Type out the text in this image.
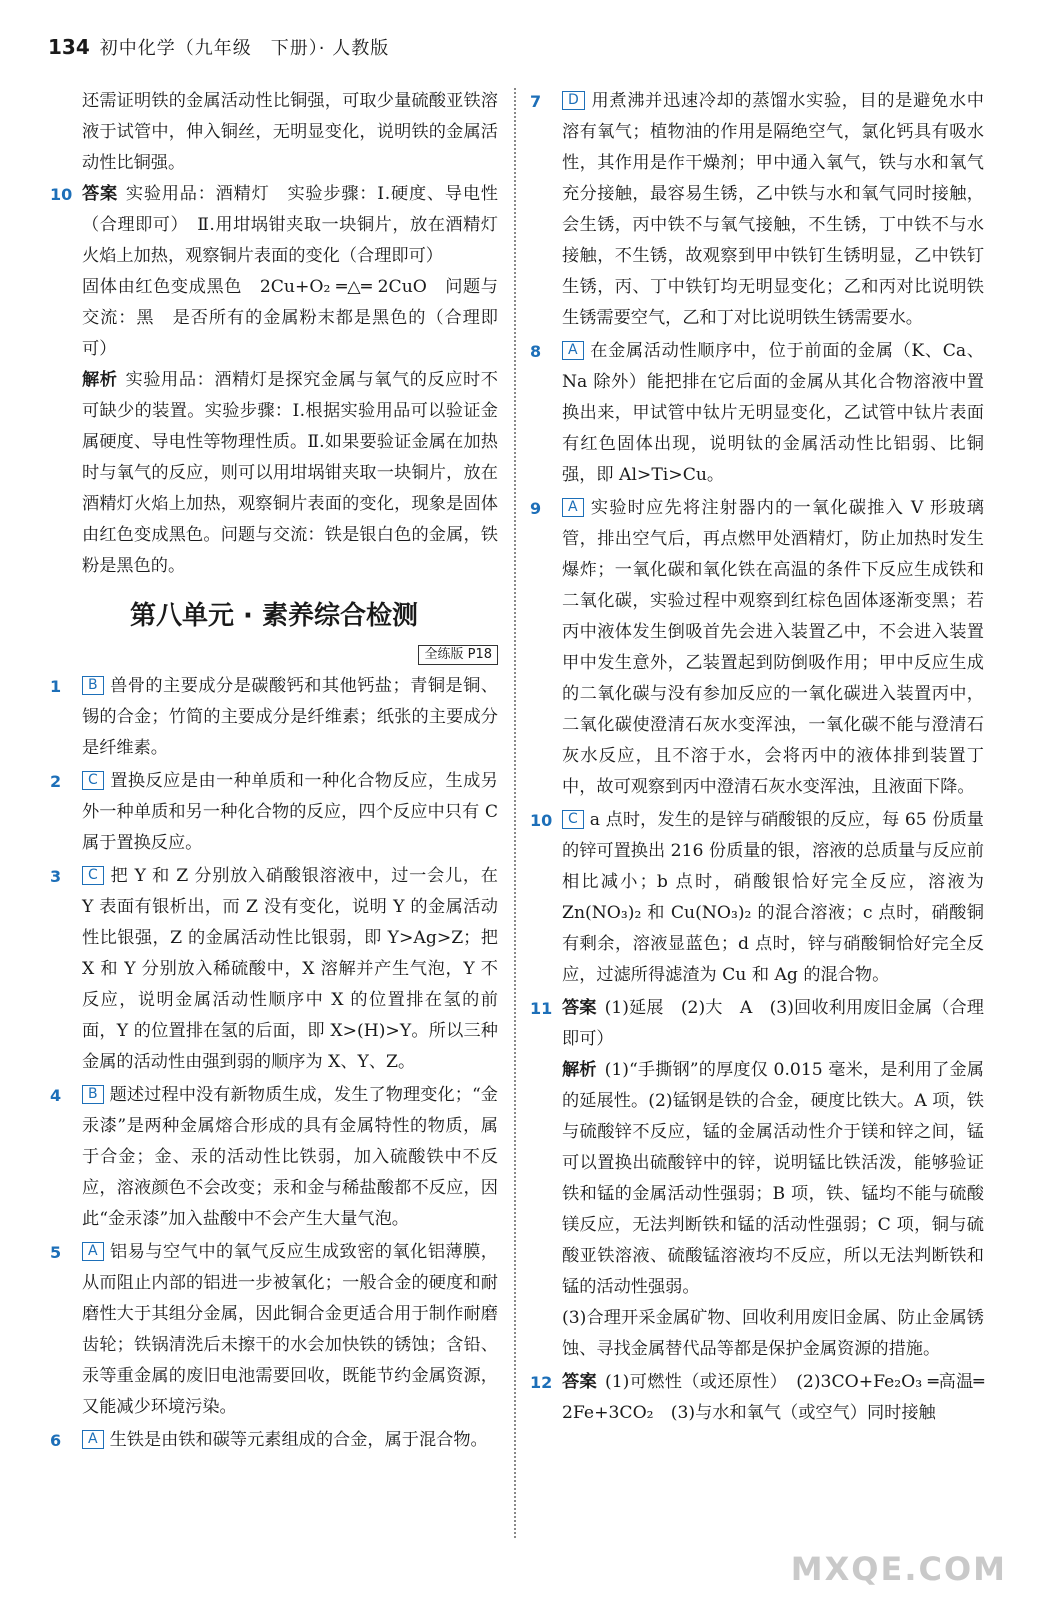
134 初中化学（九年级　下册）· 人教版

还需证明铁的金属活动性比铜强，可取少量硫酸亚铁溶液于试管中，伸入铜丝，无明显变化，说明铁的金属活动性比铜强。

10 答案 实验用品：酒精灯　实验步骤：Ⅰ.硬度、导电性（合理即可）　Ⅱ.用坩埚钳夹取一块铜片，放在酒精灯火焰上加热，观察铜片表面的变化（合理即可）

固体由红色变成黑色　2Cu+O₂ ═△═ 2CuO　问题与交流：黑　是否所有的金属粉末都是黑色的（合理即可）

解析 实验用品：酒精灯是探究金属与氧气的反应时不可缺少的装置。实验步骤：Ⅰ.根据实验用品可以验证金属硬度、导电性等物理性质。Ⅱ.如果要验证金属在加热时与氧气的反应，则可以用坩埚钳夹取一块铜片，放在酒精灯火焰上加热，观察铜片表面的变化，现象是固体由红色变成黑色。问题与交流：铁是银白色的金属，铁粉是黑色的。

第八单元 · 素养综合检测
全练版 P18
1	B 兽骨的主要成分是碳酸钙和其他钙盐；青铜是铜、锡的合金；竹简的主要成分是纤维素；纸张的主要成分是纤维素。

2	C 置换反应是由一种单质和一种化合物反应，生成另外一种单质和另一种化合物的反应，四个反应中只有 C 属于置换反应。

3	C 把 Y 和 Z 分别放入硝酸银溶液中，过一会儿，在 Y 表面有银析出，而 Z 没有变化，说明 Y 的金属活动性比银强，Z 的金属活动性比银弱，即 Y>Ag>Z；把 X 和 Y 分别放入稀硫酸中，X 溶解并产生气泡，Y 不反应，说明金属活动性顺序中 X 的位置排在氢的前面，Y 的位置排在氢的后面，即 X>(H)>Y。所以三种金属的活动性由强到弱的顺序为 X、Y、Z。

4	B 题述过程中没有新物质生成，发生了物理变化；“金汞漆”是两种金属熔合形成的具有金属特性的物质，属于合金；金、汞的活动性比铁弱，加入硫酸铁中不反应，溶液颜色不会改变；汞和金与稀盐酸都不反应，因此“金汞漆”加入盐酸中不会产生大量气泡。

5	A 铝易与空气中的氧气反应生成致密的氧化铝薄膜，从而阻止内部的铝进一步被氧化；一般合金的硬度和耐磨性大于其组分金属，因此铜合金更适合用于制作耐磨齿轮；铁锅清洗后未擦干的水会加快铁的锈蚀；含铅、汞等重金属的废旧电池需要回收，既能节约金属资源，又能减少环境污染。

6	A 生铁是由铁和碳等元素组成的合金，属于混合物。

7	D 用煮沸并迅速冷却的蒸馏水实验，目的是避免水中溶有氧气；植物油的作用是隔绝空气，氯化钙具有吸水性，其作用是作干燥剂；甲中通入氧气，铁与水和氧气充分接触，最容易生锈，乙中铁与水和氧气同时接触，会生锈，丙中铁不与氧气接触，不生锈，丁中铁不与水接触，不生锈，故观察到甲中铁钉生锈明显，乙中铁钉生锈，丙、丁中铁钉均无明显变化；乙和丙对比说明铁生锈需要空气，乙和丁对比说明铁生锈需要水。

8	A 在金属活动性顺序中，位于前面的金属（K、Ca、Na 除外）能把排在它后面的金属从其化合物溶液中置换出来，甲试管中钛片无明显变化，乙试管中钛片表面有红色固体出现，说明钛的金属活动性比铝弱、比铜强，即 Al>Ti>Cu。

9	A 实验时应先将注射器内的一氧化碳推入 V 形玻璃管，排出空气后，再点燃甲处酒精灯，防止加热时发生爆炸；一氧化碳和氧化铁在高温的条件下反应生成铁和二氧化碳，实验过程中观察到红棕色固体逐渐变黑；若丙中液体发生倒吸首先会进入装置乙中，不会进入装置甲中发生意外，乙装置起到防倒吸作用；甲中反应生成的二氧化碳与没有参加反应的一氧化碳进入装置丙中，二氧化碳使澄清石灰水变浑浊，一氧化碳不能与澄清石灰水反应，且不溶于水，会将丙中的液体排到装置丁中，故可观察到丙中澄清石灰水变浑浊，且液面下降。

10	C a 点时，发生的是锌与硝酸银的反应，每 65 份质量的锌可置换出 216 份质量的银，溶液的总质量与反应前相比减小；b 点时，硝酸银恰好完全反应，溶液为 Zn(NO₃)₂ 和 Cu(NO₃)₂ 的混合溶液；c 点时，硝酸铜有剩余，溶液显蓝色；d 点时，锌与硝酸铜恰好完全反应，过滤所得滤渣为 Cu 和 Ag 的混合物。

11 答案 (1)延展　(2)大　A　(3)回收利用废旧金属（合理即可）

解析 (1)“手撕钢”的厚度仅 0.015 毫米，是利用了金属的延展性。(2)锰钢是铁的合金，硬度比铁大。A 项，铁与硫酸锌不反应，锰的金属活动性介于镁和锌之间，锰可以置换出硫酸锌中的锌，说明锰比铁活泼，能够验证铁和锰的金属活动性强弱；B 项，铁、锰均不能与硫酸镁反应，无法判断铁和锰的活动性强弱；C 项，铜与硫酸亚铁溶液、硫酸锰溶液均不反应，所以无法判断铁和锰的活动性强弱。

(3)合理开采金属矿物、回收利用废旧金属、防止金属锈蚀、寻找金属替代品等都是保护金属资源的措施。

12 答案 (1)可燃性（或还原性）　(2)3CO+Fe₂O₃ ═高温═ 2Fe+3CO₂　(3)与水和氧气（或空气）同时接触

MXQE.COM
